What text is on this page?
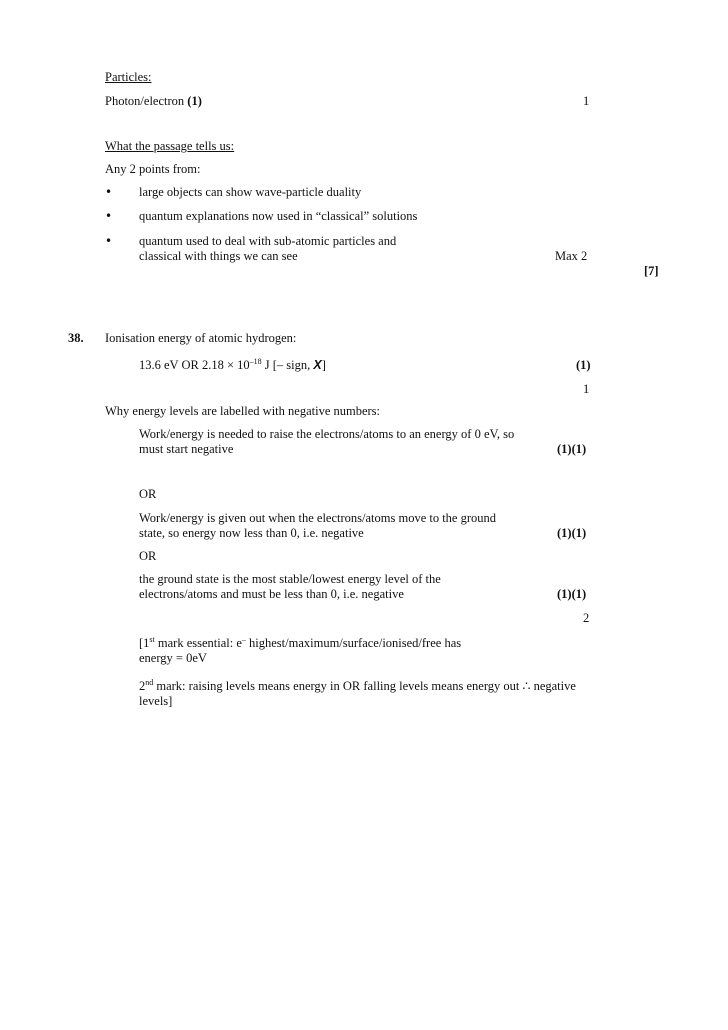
Particles:
Photon/electron (1)	1
What the passage tells us:
Any 2 points from:
• large objects can show wave-particle duality
• quantum explanations now used in “classical” solutions
• quantum used to deal with sub-atomic particles and
classical with things we can see	Max 2
[7]
38. Ionisation energy of atomic hydrogen:
13.6 eV OR $2.18 \times 10^{-18}$ J [– sign, X]	(1)
1
Why energy levels are labelled with negative numbers:
Work/energy is needed to raise the electrons/atoms to an energy of 0 eV, so
must start negative	(1)(1)
OR
Work/energy is given out when the electrons/atoms move to the ground
state, so energy now less than 0, i.e. negative	(1)(1)
OR
the ground state is the most stable/lowest energy level of the
electrons/atoms and must be less than 0, i.e. negative	(1)(1)
2
[1st mark essential: e– highest/maximum/surface/ionised/free has
energy = 0eV
2nd mark: raising levels means energy in OR falling levels means energy out ∴ negative
levels]
